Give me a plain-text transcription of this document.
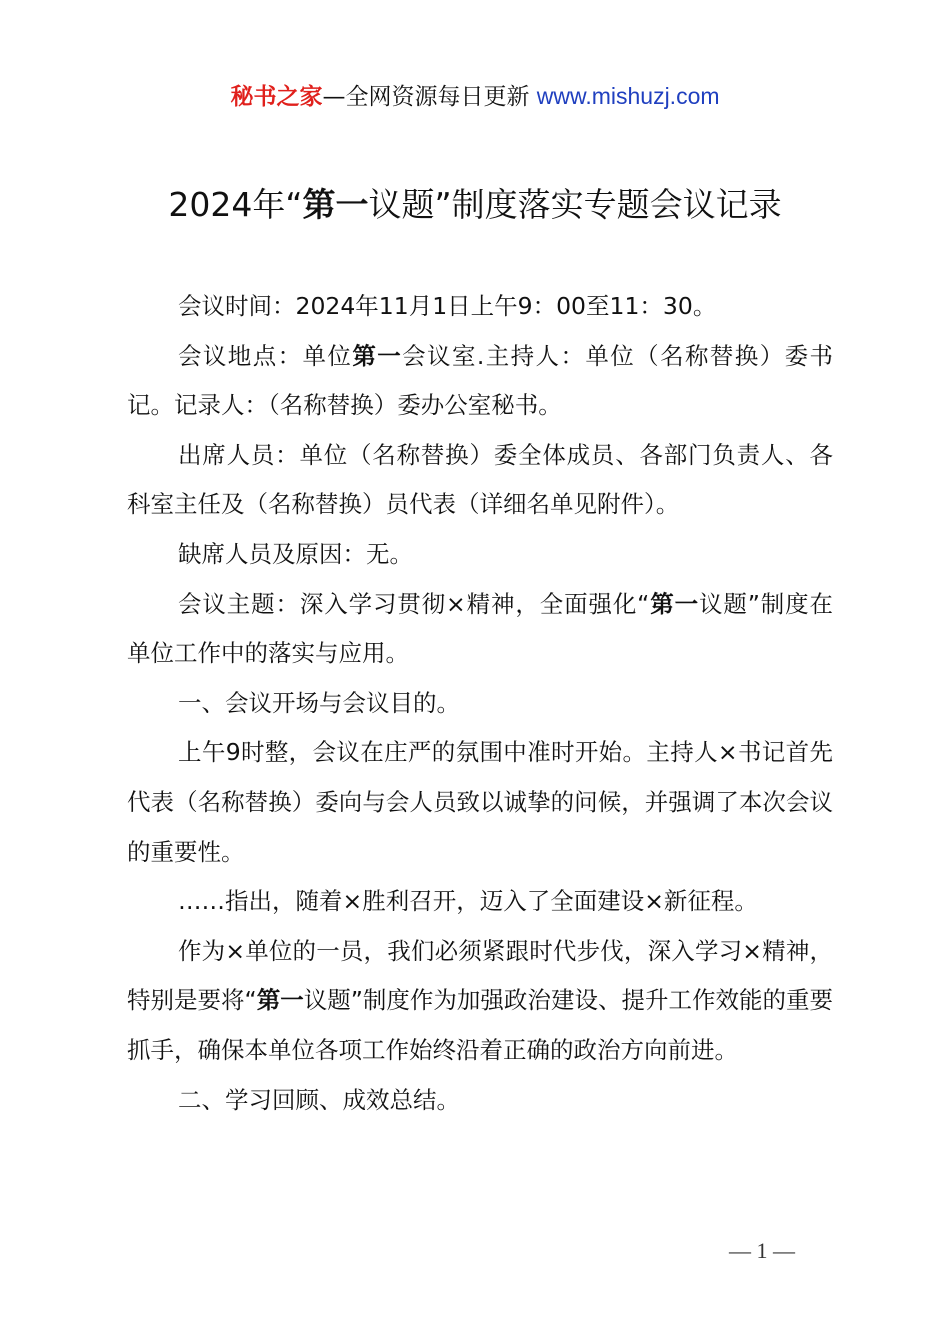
秘书之家—全网资源每日更新 www.mishuzj.com
2024年“第一议题”制度落实专题会议记录

会议时间：2024年11月1日上午9：00至11：30。

会议地点：单位第一会议室.主持人：单位（名称替换）委书记。记录人：（名称替换）委办公室秘书。

出席人员：单位（名称替换）委全体成员、各部门负责人、各科室主任及（名称替换）员代表（详细名单见附件）。

缺席人员及原因：无。

会议主题：深入学习贯彻×精神，全面强化“第一议题”制度在单位工作中的落实与应用。

一、会议开场与会议目的。

上午9时整，会议在庄严的氛围中准时开始。主持人×书记首先代表（名称替换）委向与会人员致以诚挚的问候，并强调了本次会议的重要性。

……指出，随着×胜利召开，迈入了全面建设×新征程。

作为×单位的一员，我们必须紧跟时代步伐，深入学习×精神，特别是要将“第一议题”制度作为加强政治建设、提升工作效能的重要抓手，确保本单位各项工作始终沿着正确的政治方向前进。

二、学习回顾、成效总结。

— 1 —
